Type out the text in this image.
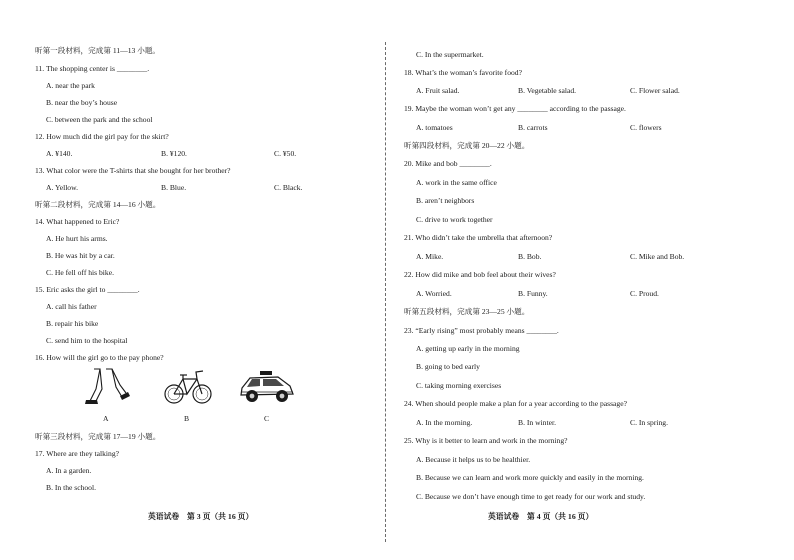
听第一段材料，完成第 11—13 小题。
11. The shopping center is ________.
A. near the park
B. near the boy’s house
C. between the park and the school
12. How much did the girl pay for the skirt?
A. ¥140.	B. ¥120.	C. ¥50.
13. What color were the T-shirts that she bought for her brother?
A. Yellow.	B. Blue.	C. Black.
听第二段材料，完成第 14—16 小题。
14. What happened to Eric?
A. He hurt his arms.
B. He was hit by a car.
C. He fell off his bike.
15. Eric asks the girl to ________.
A. call his father
B. repair his bike
C. send him to the hospital
16. How will the girl go to the pay phone?
A	B	C
听第三段材料，完成第 17—19 小题。
17. Where are they talking?
A. In a garden.
B. In the school.
英语试卷　第 3 页（共 16 页）
C. In the supermarket.
18. What’s the woman’s favorite food?
A. Fruit salad.	B. Vegetable salad.	C. Flower salad.
19. Maybe the woman won’t get any ________ according to the passage.
A. tomatoes	B. carrots	C. flowers
听第四段材料，完成第 20—22 小题。
20. Mike and bob ________.
A. work in the same office
B. aren’t neighbors
C. drive to work together
21. Who didn’t take the umbrella that afternoon?
A. Mike.	B. Bob.	C. Mike and Bob.
22. How did mike and bob feel about their wives?
A. Worried.	B. Funny.	C. Proud.
听第五段材料，完成第 23—25 小题。
23. “Early rising” most probably means ________.
A. getting up early in the morning
B. going to bed early
C. taking morning exercises
24. When should people make a plan for a year according to the passage?
A. In the morning.	B. In winter.	C. In spring.
25. Why is it better to learn and work in the morning?
A. Because it helps us to be healthier.
B. Because we can learn and work more quickly and easily in the morning.
C. Because we don’t have enough time to get ready for our work and study.
英语试卷　第 4 页（共 16 页）
